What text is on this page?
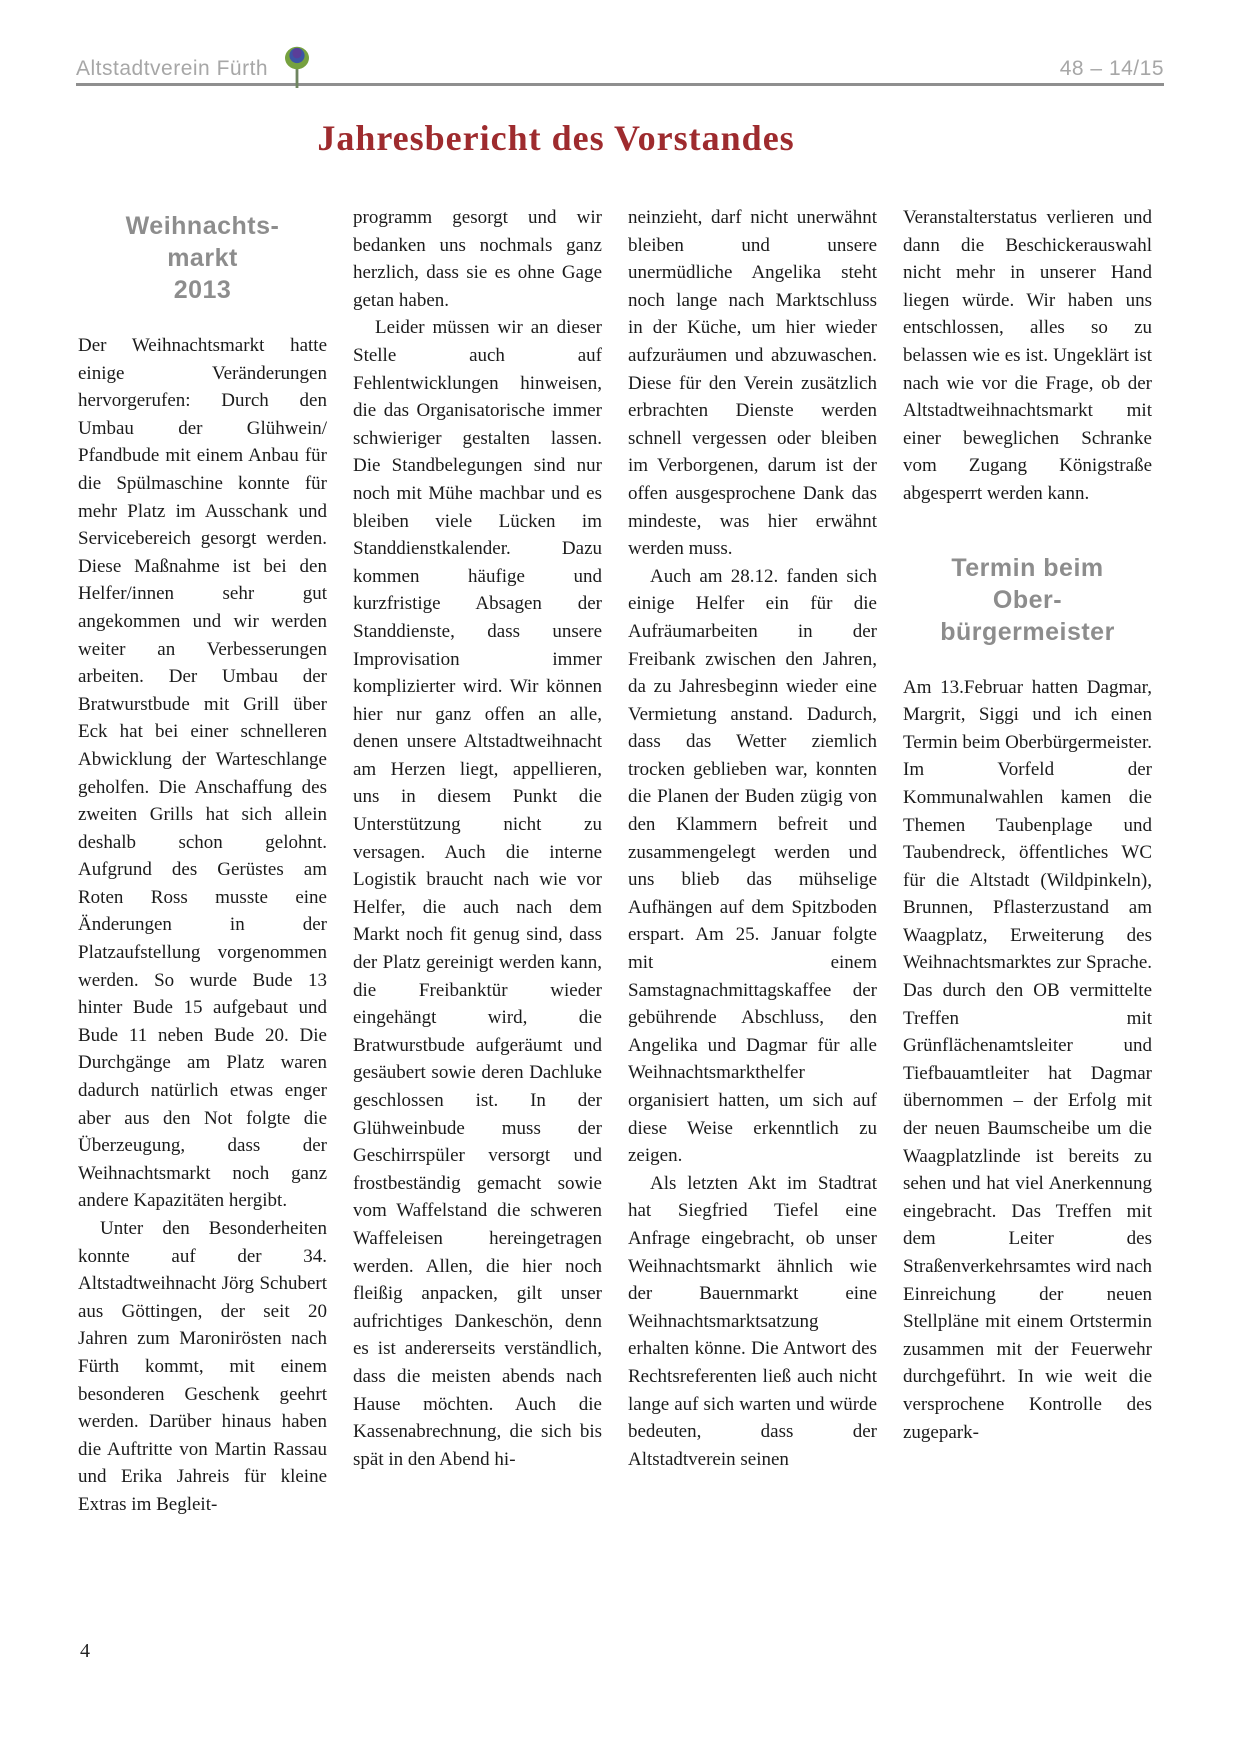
Altstadtverein Fürth	48 – 14/15
Jahresbericht des Vorstandes
Weihnachts-
markt
2013

Der Weihnachtsmarkt hatte einige Veränderungen hervorgerufen: Durch den Umbau der Glühwein/ Pfandbude mit einem Anbau für die Spülmaschine konnte für mehr Platz im Ausschank und Servicebereich gesorgt werden. Diese Maßnahme ist bei den Helfer/innen sehr gut angekommen und wir werden weiter an Verbesserungen arbeiten. Der Umbau der Bratwurstbude mit Grill über Eck hat bei einer schnelleren Abwicklung der Warteschlange geholfen. Die Anschaffung des zweiten Grills hat sich allein deshalb schon gelohnt. Aufgrund des Gerüstes am Roten Ross musste eine Änderungen in der Platzaufstellung vorgenommen werden. So wurde Bude 13 hinter Bude 15 aufgebaut und Bude 11 neben Bude 20. Die Durchgänge am Platz waren dadurch natürlich etwas enger aber aus den Not folgte die Überzeugung, dass der Weihnachtsmarkt noch ganz andere Kapazitäten hergibt.

Unter den Besonderheiten konnte auf der 34. Altstadtweihnacht Jörg Schubert aus Göttingen, der seit 20 Jahren zum Maronirösten nach Fürth kommt, mit einem besonderen Geschenk geehrt werden. Darüber hinaus haben die Auftritte von Martin Rassau und Erika Jahreis für kleine Extras im Begleit-

programm gesorgt und wir bedanken uns nochmals ganz herzlich, dass sie es ohne Gage getan haben.

Leider müssen wir an dieser Stelle auch auf Fehlentwicklungen hinweisen, die das Organisatorische immer schwieriger gestalten lassen. Die Standbelegungen sind nur noch mit Mühe machbar und es bleiben viele Lücken im Standdienstkalender. Dazu kommen häufige und kurzfristige Absagen der Standdienste, dass unsere Improvisation immer komplizierter wird. Wir können hier nur ganz offen an alle, denen unsere Altstadtweihnacht am Herzen liegt, appellieren, uns in diesem Punkt die Unterstützung nicht zu versagen. Auch die interne Logistik braucht nach wie vor Helfer, die auch nach dem Markt noch fit genug sind, dass der Platz gereinigt werden kann, die Freibanktür wieder eingehängt wird, die Bratwurstbude aufgeräumt und gesäubert sowie deren Dachluke geschlossen ist. In der Glühweinbude muss der Geschirrspüler versorgt und frostbeständig gemacht sowie vom Waffelstand die schweren Waffeleisen hereingetragen werden. Allen, die hier noch fleißig anpacken, gilt unser aufrichtiges Dankeschön, denn es ist andererseits verständlich, dass die meisten abends nach Hause möchten. Auch die Kassenabrechnung, die sich bis spät in den Abend hi-

neinzieht, darf nicht unerwähnt bleiben und unsere unermüdliche Angelika steht noch lange nach Marktschluss in der Küche, um hier wieder aufzuräumen und abzuwaschen. Diese für den Verein zusätzlich erbrachten Dienste werden schnell vergessen oder bleiben im Verborgenen, darum ist der offen ausgesprochene Dank das mindeste, was hier erwähnt werden muss.

Auch am 28.12. fanden sich einige Helfer ein für die Aufräumarbeiten in der Freibank zwischen den Jahren, da zu Jahresbeginn wieder eine Vermietung anstand. Dadurch, dass das Wetter ziemlich trocken geblieben war, konnten die Planen der Buden zügig von den Klammern befreit und zusammengelegt werden und uns blieb das mühselige Aufhängen auf dem Spitzboden erspart. Am 25. Januar folgte mit einem Samstagnachmittagskaffee der gebührende Abschluss, den Angelika und Dagmar für alle Weihnachtsmarkthelfer organisiert hatten, um sich auf diese Weise erkenntlich zu zeigen.

Als letzten Akt im Stadtrat hat Siegfried Tiefel eine Anfrage eingebracht, ob unser Weihnachtsmarkt ähnlich wie der Bauernmarkt eine Weihnachtsmarktsatzung erhalten könne. Die Antwort des Rechtsreferenten ließ auch nicht lange auf sich warten und würde bedeuten, dass der Altstadtverein seinen

Veranstalterstatus verlieren und dann die Beschickerauswahl nicht mehr in unserer Hand liegen würde. Wir haben uns entschlossen, alles so zu belassen wie es ist. Ungeklärt ist nach wie vor die Frage, ob der Altstadtweihnachtsmarkt mit einer beweglichen Schranke vom Zugang Königstraße abgesperrt werden kann.

Termin beim
Ober-
bürgermeister

Am 13.Februar hatten Dagmar, Margrit, Siggi und ich einen Termin beim Oberbürgermeister. Im Vorfeld der Kommunalwahlen kamen die Themen Taubenplage und Taubendreck, öffentliches WC für die Altstadt (Wildpinkeln), Brunnen, Pflasterzustand am Waagplatz, Erweiterung des Weihnachtsmarktes zur Sprache. Das durch den OB vermittelte Treffen mit Grünflächenamtsleiter und Tiefbauamtleiter hat Dagmar übernommen – der Erfolg mit der neuen Baumscheibe um die Waagplatzlinde ist bereits zu sehen und hat viel Anerkennung eingebracht. Das Treffen mit dem Leiter des Straßenverkehrsamtes wird nach Einreichung der neuen Stellpläne mit einem Ortstermin zusammen mit der Feuerwehr durchgeführt. In wie weit die versprochene Kontrolle des zugepark-

4
